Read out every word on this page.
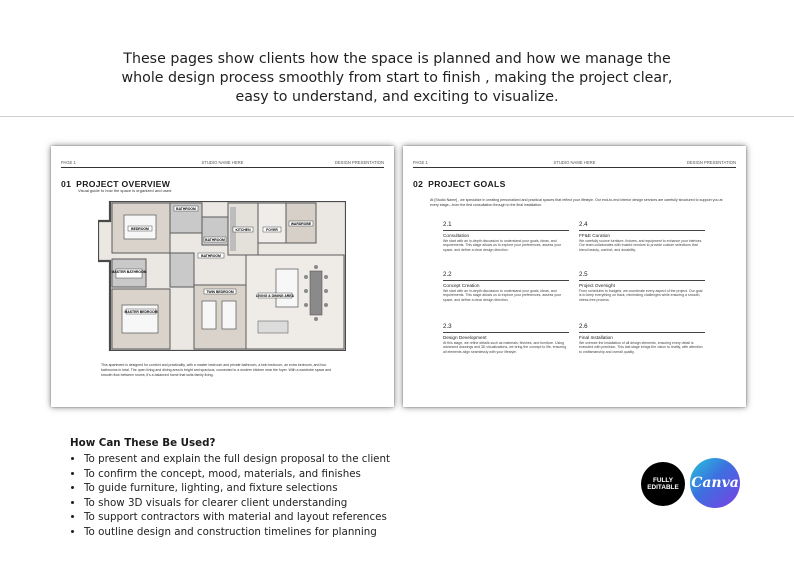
These pages show clients how the space is planned and how we manage the
whole design process smoothly from start to finish , making the project clear,
easy to understand, and exciting to visualize.
PAGE 1	STUDIO NAME HERE	DESIGN PRESENTATION
01 PROJECT OVERVIEW
Visual guide to how the space is organized and used
BEDROOM
BATHROOM
BATHROOM
KITCHEN	FOYER
WARDROBE
MASTER BATHROOM
TWIN BEDROOM
LIVING & DINING AREA
MASTER BEDROOM
BATHROOM
This apartment is designed for comfort and practicality, with a master bedroom and private bathroom, a twin bedroom, an extra bedroom, and four bathrooms in total. The open living and dining area is bright and spacious, connected to a modern kitchen near the foyer. With a wardrobe space and smooth flow between rooms, it's a balanced home that suits family living.
PAGE 1	STUDIO NAME HERE	DESIGN PRESENTATION
02 PROJECT GOALS
At [Studio Name] , we specialize in creating personalized and practical spaces that reflect your lifestyle. Our end-to-end interior design services are carefully structured to support you at every stage—from the first consultation through to the final installation.
2.1
Consultation
We start with an in-depth discussion to understand your goals, ideas, and requirements. This stage allows us to explore your preferences, assess your space, and define a clear design direction.
2.2
Concept Creation
We start with an in-depth discussion to understand your goals, ideas, and requirements. This stage allows us to explore your preferences, assess your space, and define a clear design direction.
2.3
Design Development
At this stage, we refine details such as materials, finishes, and furniture. Using advanced drawings and 3D visualizations, we bring the concept to life, ensuring all elements align seamlessly with your lifestyle.
2.4
FF&E Curation
We carefully source furniture, fixtures, and equipment to enhance your interiors. Our team collaborates with trusted vendors to provide custom selections that blend beauty, comfort, and durability.
2.5
Project Oversight
From schedules to budgets, we coordinate every aspect of the project. Our goal is to keep everything on track, minimizing challenges while ensuring a smooth, stress-free process.
2.6
Final Installation
We oversee the installation of all design elements, ensuring every detail is executed with precision. This last stage brings the vision to reality, with attention to craftsmanship and overall quality.
How Can These Be Used?
• To present and explain the full design proposal to the client
• To confirm the concept, mood, materials, and finishes
• To guide furniture, lighting, and fixture selections
• To show 3D visuals for clearer client understanding
• To support contractors with material and layout references
• To outline design and construction timelines for planning
FULLY
EDITABLE Canva
